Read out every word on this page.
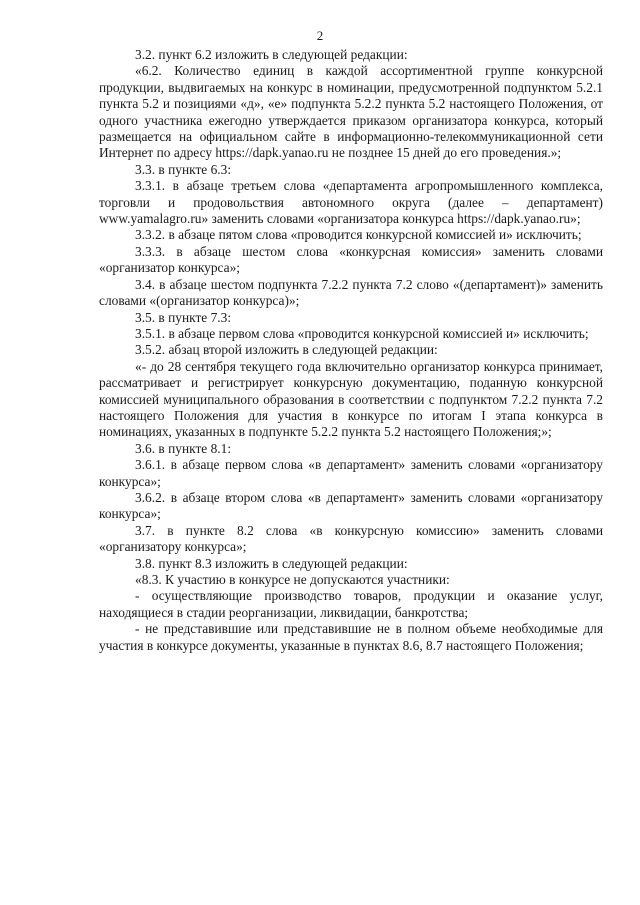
2

3.2. пункт 6.2 изложить в следующей редакции:

«6.2. Количество единиц в каждой ассортиментной группе конкурсной продукции, выдвигаемых на конкурс в номинации, предусмотренной подпунктом 5.2.1 пункта 5.2 и позициями «д», «е» подпункта 5.2.2 пункта 5.2 настоящего Положения, от одного участника ежегодно утверждается приказом организатора конкурса, который размещается на официальном сайте в информационно-телекоммуникационной сети Интернет по адресу https://dapk.yanao.ru не позднее 15 дней до его проведения.»;

3.3. в пункте 6.3:

3.3.1. в абзаце третьем слова «департамента агропромышленного комплекса, торговли и продовольствия автономного округа (далее – департамент) www.yamalagro.ru» заменить словами «организатора конкурса https://dapk.yanao.ru»;

3.3.2. в абзаце пятом слова «проводится конкурсной комиссией и» исключить;

3.3.3. в абзаце шестом слова «конкурсная комиссия» заменить словами «организатор конкурса»;

3.4. в абзаце шестом подпункта 7.2.2 пункта 7.2 слово «(департамент)» заменить словами «(организатор конкурса)»;

3.5. в пункте 7.3:

3.5.1. в абзаце первом слова «проводится конкурсной комиссией и» исключить;

3.5.2. абзац второй изложить в следующей редакции:

«- до 28 сентября текущего года включительно организатор конкурса принимает, рассматривает и регистрирует конкурсную документацию, поданную конкурсной комиссией муниципального образования в соответствии с подпунктом 7.2.2 пункта 7.2 настоящего Положения для участия в конкурсе по итогам I этапа конкурса в номинациях, указанных в подпункте 5.2.2 пункта 5.2 настоящего Положения;»;

3.6. в пункте 8.1:

3.6.1. в абзаце первом слова «в департамент» заменить словами «организатору конкурса»;

3.6.2. в абзаце втором слова «в департамент» заменить словами «организатору конкурса»;

3.7. в пункте 8.2 слова «в конкурсную комиссию» заменить словами «организатору конкурса»;

3.8. пункт 8.3 изложить в следующей редакции:

«8.3. К участию в конкурсе не допускаются участники:

- осуществляющие производство товаров, продукции и оказание услуг, находящиеся в стадии реорганизации, ликвидации, банкротства;

- не представившие или представившие не в полном объеме необходимые для участия в конкурсе документы, указанные в пунктах 8.6, 8.7 настоящего Положения;
